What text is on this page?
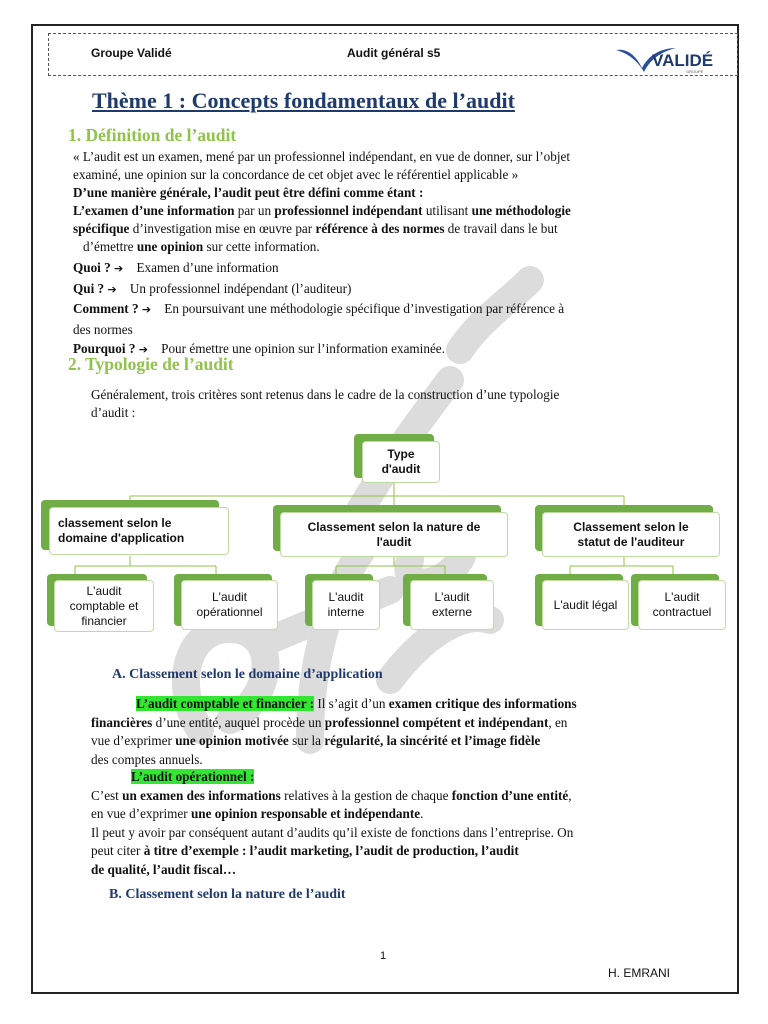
Groupe Validé	Audit général s5	VALIDÉ
GROUPE
Thème 1 : Concepts fondamentaux de l’audit
1. Définition de l’audit
« L’audit est un examen, mené par un professionnel indépendant, en vue de donner, sur l’objet
examiné, une opinion sur la concordance de cet objet avec le référentiel applicable »
D’une manière générale, l’audit peut être défini comme étant :
L’examen d’une information par un professionnel indépendant utilisant une méthodologie
spécifique d’investigation mise en œuvre par référence à des normes de travail dans le but
d’émettre une opinion sur cette information.
Quoi ? ➔ Examen d’une information
Qui ? ➔ Un professionnel indépendant (l’auditeur)
Comment ? ➔ En poursuivant une méthodologie spécifique d’investigation par référence à
des normes
Pourquoi ? ➔ Pour émettre une opinion sur l’information examinée.
2. Typologie de l’audit
Généralement, trois critères sont retenus dans le cadre de la construction d’une typologie
d’audit :
Type
d'audit
classement selon le
domaine d'application
Classement selon la nature de
l'audit
Classement selon le
statut de l'auditeur
L'audit
comptable et
financier
L'audit
opérationnel
L'audit
interne
L'audit
externe
L'audit légal
L'audit
contractuel
A. Classement selon le domaine d’application
L’audit comptable et financier : Il s’agit d’un examen critique des informations
financières d’une entité, auquel procède un professionnel compétent et indépendant, en
vue d’exprimer une opinion motivée sur la régularité, la sincérité et l’image fidèle
des comptes annuels.
L’audit opérationnel :
C’est un examen des informations relatives à la gestion de chaque fonction d’une entité,
en vue d’exprimer une opinion responsable et indépendante.
Il peut y avoir par conséquent autant d’audits qu’il existe de fonctions dans l’entreprise. On
peut citer à titre d’exemple : l’audit marketing, l’audit de production, l’audit
de qualité, l’audit fiscal…
B. Classement selon la nature de l’audit
1
H. EMRANI
